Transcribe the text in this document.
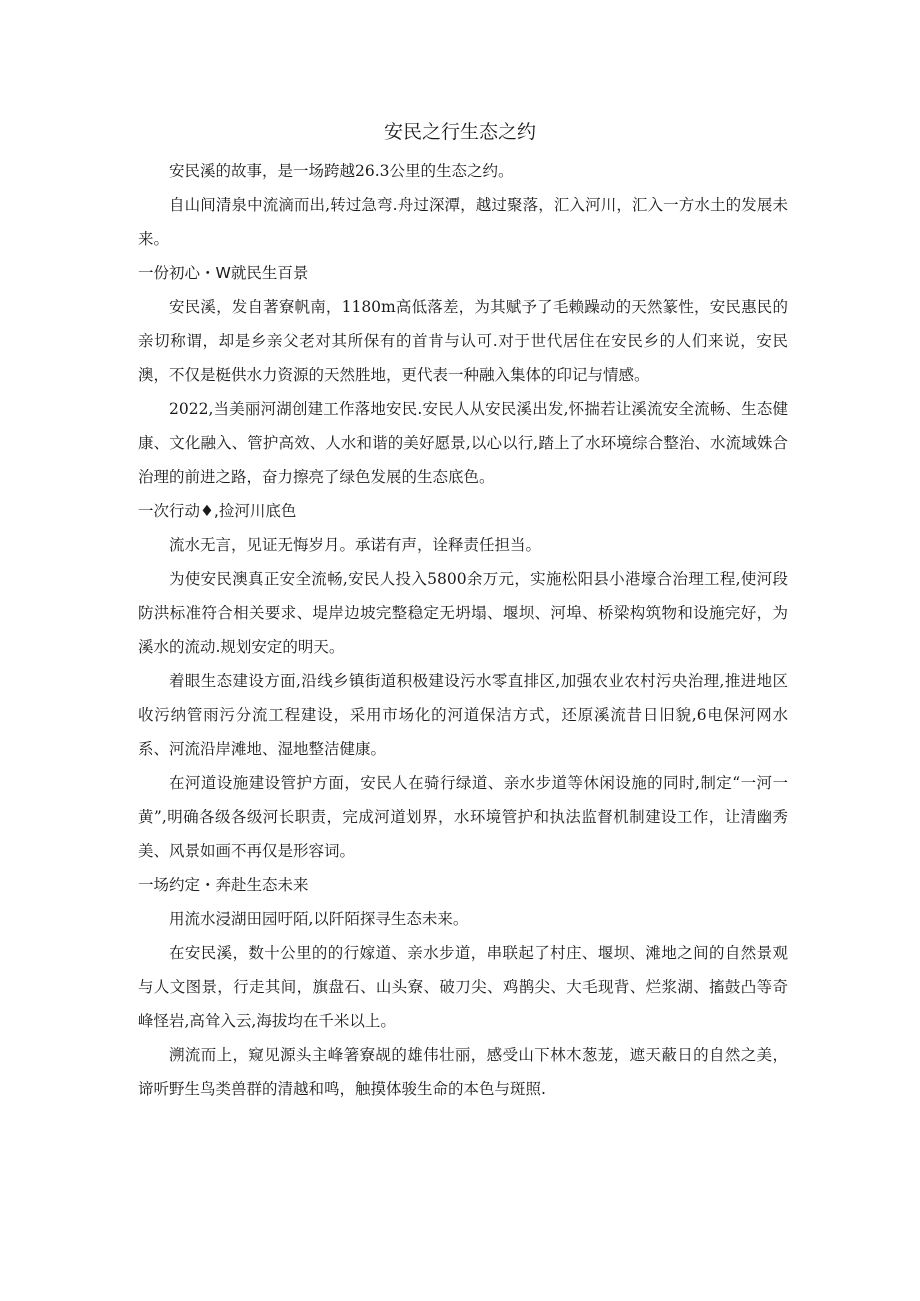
安民之行生态之约

安民溪的故事，是一场跨越26.3公里的生态之约。

自山间清泉中流滴而出,转过急弯.舟过深潭，越过聚落，汇入河川，汇入一方水土的发展未来。

一份初心・W就民生百景

安民溪，发自著寮帆南，1180m高低落差，为其赋予了毛赖躁动的天然篆性，安民惠民的亲切称谓，却是乡亲父老对其所保有的首肯与认可.对于世代居住在安民乡的人们来说，安民澳，不仅是梃供水力资源的天然胜地，更代表一种融入集体的印记与情感。

2022,当美丽河湖创建工作落地安民.安民人从安民溪出发,怀揣若让溪流安全流畅、生态健康、文化融入、管护高效、人水和谐的美好愿景,以心以行,踏上了水环境综合整治、水流域姝合治理的前进之路，奋力擦亮了绿色发展的生态底色。

一次行动♦,捡河川底色

流水无言，见证无悔岁月。承诺有声，诠释责任担当。

为使安民澳真正安全流畅,安民人投入5800余万元，实施松阳县小港壕合治理工程,使河段防洪标准符合相关要求、堤岸边坡完整稳定无坍塌、堰坝、河埠、桥梁构筑物和设施完好，为溪水的流动.规划安定的明天。

着眼生态建设方面,沿线乡镇街道积极建设污水零直排区,加强农业农村污央治理,推进地区收污纳管雨污分流工程建设，采用市场化的河道保洁方式，还原溪流昔日旧貌,6电保河网水系、河流沿岸滩地、湿地整洁健康。

在河道设施建设管护方面，安民人在骑行绿道、亲水步道等休闲设施的同时,制定“一河一黄”,明确各级各级河长职责，完成河道划界，水环境管护和执法监督机制建设工作，让清幽秀美、风景如画不再仅是形容词。

一场约定・奔赴生态未来

用流水浸湖田园吁陌,以阡陌探寻生态未来。

在安民溪，数十公里的的行嫁道、亲水步道，串联起了村庄、堰坝、滩地之间的自然景观与人文图景，行走其间，旗盘石、山头寮、破刀尖、鸡鹊尖、大毛现背、烂浆湖、搐鼓凸等奇峰怪岩,高耸入云,海拔均在千米以上。

溯流而上，窥见源头主峰箸寮觇的雄伟壮丽，感受山下林木葱茏，遮天蔽日的自然之美，谛听野生鸟类兽群的清越和鸣，触摸体骏生命的本色与斑照.
